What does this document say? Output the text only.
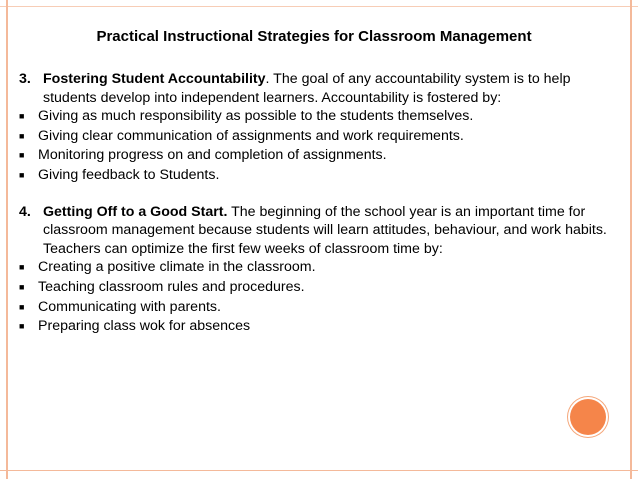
Practical Instructional Strategies for Classroom Management
3. Fostering Student Accountability. The goal of any accountability system is to help students develop into independent learners. Accountability is fostered by:
■ Giving as much responsibility as possible to the students themselves.
■ Giving clear communication of assignments and work requirements.
■ Monitoring progress on and completion of assignments.
■ Giving feedback to Students.
4. Getting Off to a Good Start. The beginning of the school year is an important time for classroom management because students will learn attitudes, behaviour, and work habits. Teachers can optimize the first few weeks of classroom time by:
■ Creating a positive climate in the classroom.
■ Teaching classroom rules and procedures.
■ Communicating with parents.
■ Preparing class wok for absences
